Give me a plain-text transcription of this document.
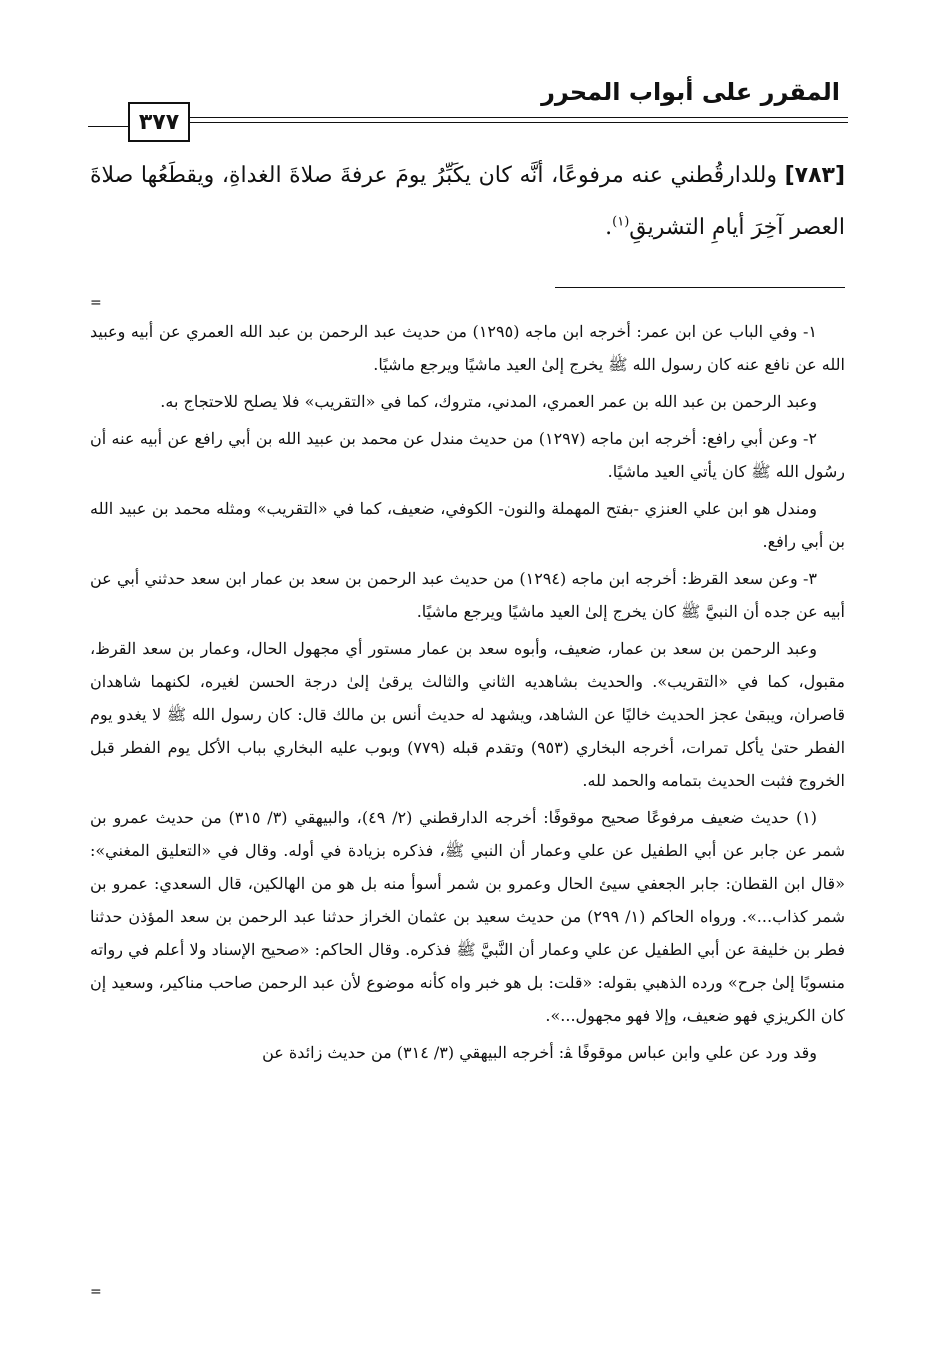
المقرر على أبواب المحرر
٣٧٧
[٧٨٣] وللدارقُطني عنه مرفوعًا، أنَّه كان يكَبِّرُ يومَ عرفةَ صلاةَ الغداةِ، ويقطَعُها صلاةَ العصر آخِرَ أيامِ التشريقِ$^{(١)}$.
=

١- وفي الباب عن ابن عمر: أخرجه ابن ماجه (١٢٩٥) من حديث عبد الرحمن بن عبد الله العمري عن أبيه وعبيد الله عن نافع عنه كان رسول الله ﷺ يخرج إلىٰ العيد ماشيًا ويرجع ماشيًا.

وعبد الرحمن بن عبد الله بن عمر العمري، المدني، متروك، كما في «التقريب» فلا يصلح للاحتجاج به.

٢- وعن أبي رافع: أخرجه ابن ماجه (١٢٩٧) من حديث مندل عن محمد بن عبيد الله بن أبي رافع عن أبيه عنه أن رسُول الله ﷺ كان يأتي العيد ماشيًا.

ومندل هو ابن علي العنزي -بفتح المهملة والنون- الكوفي، ضعيف، كما في «التقريب» ومثله محمد بن عبيد الله بن أبي رافع.

٣- وعن سعد القرظ: أخرجه ابن ماجه (١٢٩٤) من حديث عبد الرحمن بن سعد بن عمار ابن سعد حدثني أبي عن أبيه عن جده أن النبيَّ ﷺ كان يخرج إلىٰ العيد ماشيًا ويرجع ماشيًا.

وعبد الرحمن بن سعد بن عمار، ضعيف، وأبوه سعد بن عمار مستور أي مجهول الحال، وعمار بن سعد القرظ، مقبول، كما في «التقريب». والحديث بشاهديه الثاني والثالث يرقىٰ إلىٰ درجة الحسن لغيره، لكنهما شاهدان قاصران، ويبقىٰ عجز الحديث خاليًا عن الشاهد، ويشهد له حديث أنس بن مالك قال: كان رسول الله ﷺ لا يغدو يوم الفطر حتىٰ يأكل تمرات، أخرجه البخاري (٩٥٣) وتقدم قبله (٧٧٩) وبوب عليه البخاري بباب الأكل يوم الفطر قبل الخروج فثبت الحديث بتمامه والحمد لله.

(١) حديث ضعيف مرفوعًا صحيح موقوفًا: أخرجه الدارقطني (٢/ ٤٩)، والبيهقي (٣/ ٣١٥) من حديث عمرو بن شمر عن جابر عن أبي الطفيل عن علي وعمار أن النبي ﷺ، فذكره بزيادة في أوله. وقال في «التعليق المغني»: «قال ابن القطان: جابر الجعفي سيئ الحال وعمرو بن شمر أسوأ منه بل هو من الهالكين، قال السعدي: عمرو بن شمر كذاب...». ورواه الحاكم (١/ ٢٩٩) من حديث سعيد بن عثمان الخراز حدثنا عبد الرحمن بن سعد المؤذن حدثنا فطر بن خليفة عن أبي الطفيل عن علي وعمار أن النَّبيَّ ﷺ فذكره. وقال الحاكم: «صحيح الإسناد ولا أعلم في رواته منسوبًا إلىٰ جرح» ورده الذهبي بقوله: «قلت: بل هو خبر واه كأنه موضوع لأن عبد الرحمن صاحب مناكير، وسعيد إن كان الكريزي فهو ضعيف، وإلا فهو مجهول...».

وقد ورد عن علي وابن عباس موقوفًا ﭭ: أخرجه البيهقي (٣/ ٣١٤) من حديث زائدة عن

=
